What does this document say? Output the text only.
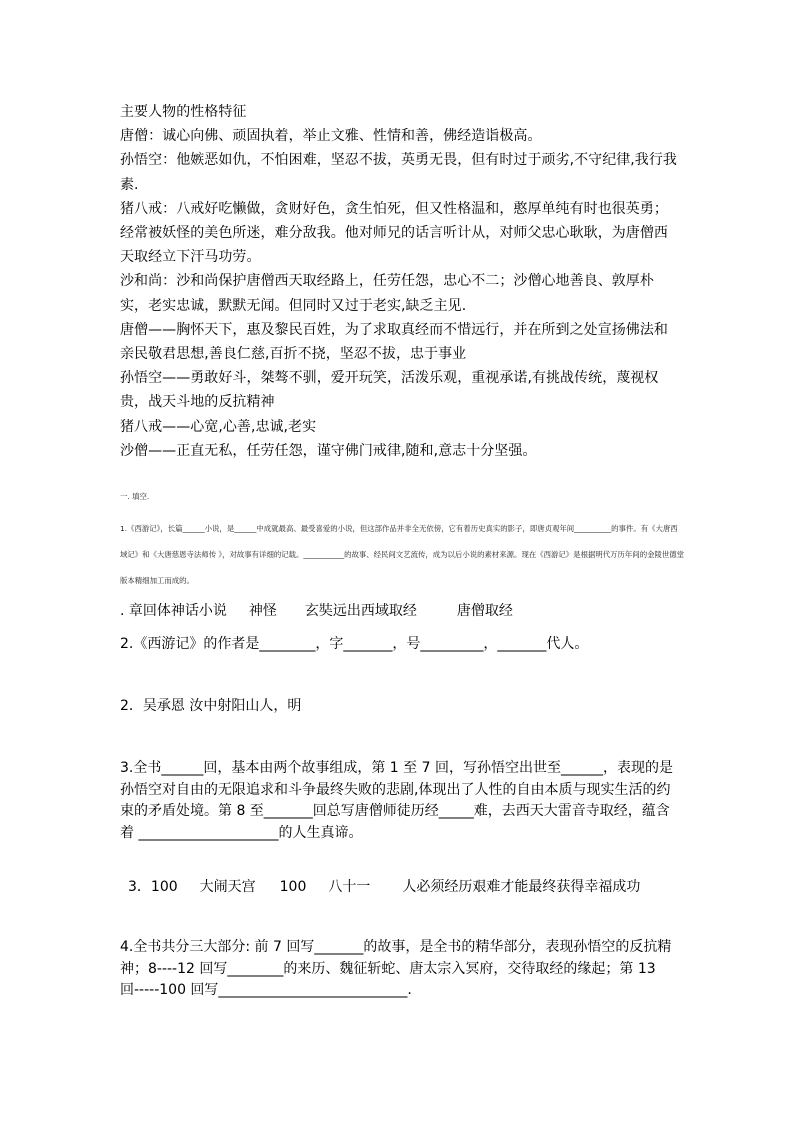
主要人物的性格特征

唐僧：诚心向佛、顽固执着，举止文雅、性情和善，佛经造诣极高。

孙悟空：他嫉恶如仇，不怕困难，坚忍不拔，英勇无畏，但有时过于顽劣,不守纪律,我行我素.

猪八戒：八戒好吃懒做，贪财好色，贪生怕死，但又性格温和，憨厚单纯有时也很英勇；经常被妖怪的美色所迷，难分敌我。他对师兄的话言听计从，对师父忠心耿耿，为唐僧西天取经立下汗马功劳。

沙和尚：沙和尚保护唐僧西天取经路上，任劳任怨，忠心不二；沙僧心地善良、敦厚朴实，老实忠诚，默默无闻。但同时又过于老实,缺乏主见.

唐僧——胸怀天下，惠及黎民百姓，为了求取真经而不惜远行，并在所到之处宣扬佛法和亲民敬君思想,善良仁慈,百折不挠，坚忍不拔，忠于事业

孙悟空——勇敢好斗，桀骜不驯，爱开玩笑，活泼乐观，重视承诺,有挑战传统，蔑视权贵，战天斗地的反抗精神

猪八戒——心宽,心善,忠诚,老实

沙僧——正直无私，任劳任怨，谨守佛门戒律,随和,意志十分坚强。

一. 填空.
1.《西游记》，长篇______小说，是______中成就最高、最受喜爱的小说，但这部作品并非全无依傍，它有着历史真实的影子，即唐贞观年间__________的事件。有《大唐西域记》和《大唐慈恩寺法师传 》，对故事有详细的记载。___________的故事、经民间文艺流传，成为以后小说的素材来源。现在《西游记》是根据明代万历年间的金陵世德堂版本精细加工而成的。
. 章回体神话小说 神怪 玄奘远出西域取经	唐僧取经
2.《西游记》的作者是________，字_______，号_________，_______代人。
2．吴承恩 汝中射阳山人，明

3.全书______回，基本由两个故事组成，第 1 至 7 回，写孙悟空出世至______，表现的是孙悟空对自由的无限追求和斗争最终失败的悲剧,体现出了人性的自由本质与现实生活的约束的矛盾处境。第 8 至_______回总写唐僧师徒历经_____难，去西天大雷音寺取经，蕴含着 ____________________的人生真谛。

3．100 大闹天宫 100 八十一 人必须经历艰难才能最终获得幸福成功

4.全书共分三大部分: 前 7 回写_______的故事，是全书的精华部分，表现孙悟空的反抗精神；8----12 回写________的来历、魏征斩蛇、唐太宗入冥府，交待取经的缘起；第 13 回-----100 回写___________________________.
